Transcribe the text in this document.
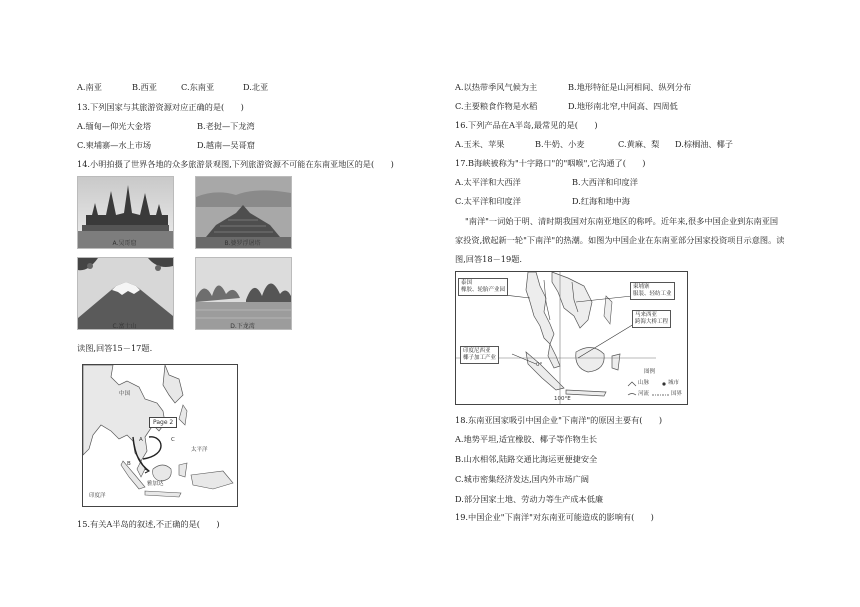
A.南亚	B.西亚	C.东南亚	D.北亚
13.下列国家与其旅游资源对应正确的是(　　)
A.缅甸—仰光大金塔	B.老挝—下龙湾
C.柬埔寨—水上市场	D.越南—吴哥窟
14.小明拍摄了世界各地的众多旅游景观图,下列旅游资源不可能在东南亚地区的是(　　)
A.吴哥窟	B.婆罗浮屠塔
C.富士山	D.下龙湾
读图,回答15－17题.
中国
Page 2
A
B
C
太平洋
印度洋
雅加达
15.有关A半岛的叙述,不正确的是(　　)
A.以热带季风气候为主	B.地形特征是山河相间、纵列分布
C.主要粮食作物是水稻	D.地形南北窄,中间高、四周低
16.下列产品在A半岛,最常见的是(　　)
A.玉米、苹果	B.牛奶、小麦	C.黄麻、梨 D.棕榈油、椰子
17.B海峡被称为"十字路口"的"咽喉",它沟通了(　　)
A.太平洋和大西洋	B.大西洋和印度洋
C.太平洋和印度洋	D.红海和地中海
"南洋"一词始于明、清时期我国对东南亚地区的称呼。近年来,很多中国企业到东南亚国
家投资,掀起新一轮"下南洋"的热潮。如图为中国企业在东南亚部分国家投资项目示意图。读
图,回答18－19题.
泰国
橡胶、轮胎产业园	柬埔寨
服装、轻纺工业
马来西亚
跨海大桥工程
印度尼西亚
椰子加工产业
0°
100°E
图例
山脉	城市
河流	国界
18.东南亚国家吸引中国企业"下南洋"的原因主要有(　　)
A.地势平坦,适宜橡胶、椰子等作物生长
B.山水相邻,陆路交通比海运更便捷安全
C.城市密集经济发达,国内外市场广阔
D.部分国家土地、劳动力等生产成本低廉
19.中国企业"下南洋"对东南亚可能造成的影响有(　　)
